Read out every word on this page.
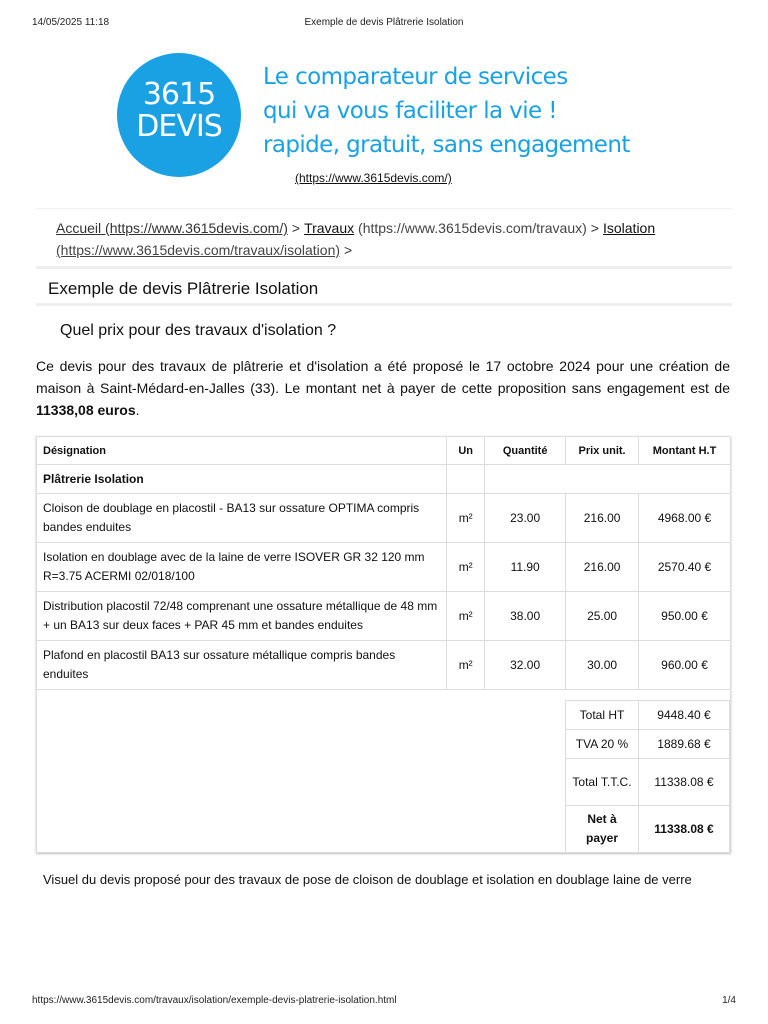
14/05/2025 11:18	Exemple de devis Plâtrerie Isolation
3615
DEVIS
Le comparateur de services
qui va vous faciliter la vie !
rapide, gratuit, sans engagement
(https://www.3615devis.com/)
Accueil (https://www.3615devis.com/) > Travaux (https://www.3615devis.com/travaux) > Isolation
(https://www.3615devis.com/travaux/isolation) >
Exemple de devis Plâtrerie Isolation
Quel prix pour des travaux d'isolation ?

Ce devis pour des travaux de plâtrerie et d'isolation a été proposé le 17 octobre 2024 pour une création de maison à Saint-Médard-en-Jalles (33). Le montant net à payer de cette proposition sans engagement est de 11338,08 euros.

Désignation	Un	Quantité	Prix unit.	Montant H.T
Plâtrerie Isolation		
Cloison de doublage en placostil - BA13 sur ossature OPTIMA compris bandes enduites	m²	23.00	216.00	4968.00 €
Isolation en doublage avec de la laine de verre ISOVER GR 32 120 mm R=3.75 ACERMI 02/018/100	m²	11.90	216.00	2570.40 €
Distribution placostil 72/48 comprenant une ossature métallique de 48 mm + un BA13 sur deux faces + PAR 45 mm et bandes enduites	m²	38.00	25.00	950.00 €
Plafond en placostil BA13 sur ossature métallique compris bandes enduites	m²	32.00	30.00	960.00 €

Total HT	9448.40 €
TVA 20 %	1889.68 €
Total T.T.C.	11338.08 €
Net à payer	11338.08 €
Visuel du devis proposé pour des travaux de pose de cloison de doublage et isolation en doublage laine de verre
https://www.3615devis.com/travaux/isolation/exemple-devis-platrerie-isolation.html	1/4
